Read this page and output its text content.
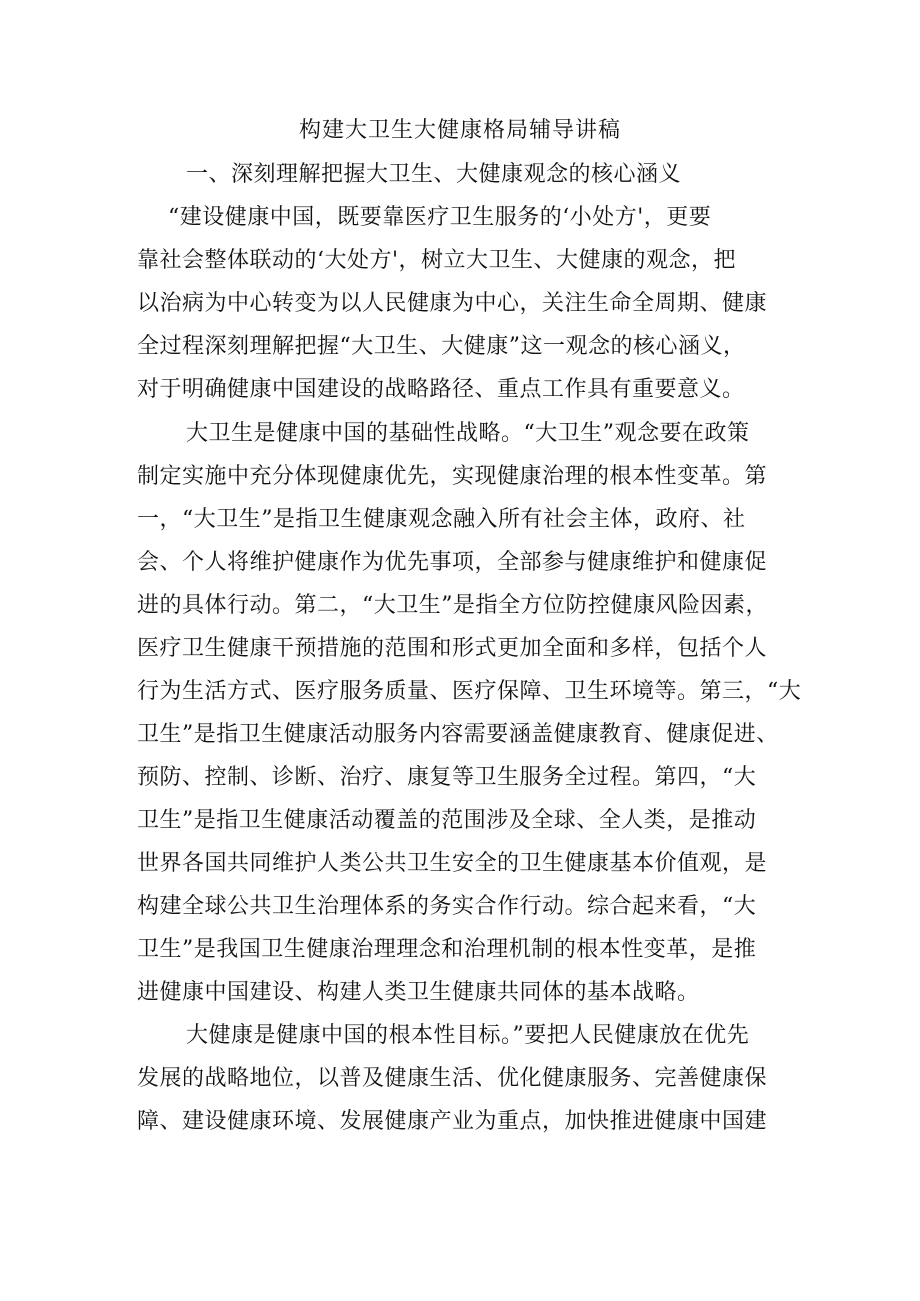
构建大卫生大健康格局辅导讲稿
一、深刻理解把握大卫生、大健康观念的核心涵义
“建设健康中国，既要靠医疗卫生服务的‘小处方'，更要
靠社会整体联动的‘大处方'，树立大卫生、大健康的观念，把
以治病为中心转变为以人民健康为中心，关注生命全周期、健康
全过程深刻理解把握“大卫生、大健康”这一观念的核心涵义，
对于明确健康中国建设的战略路径、重点工作具有重要意义。
大卫生是健康中国的基础性战略。“大卫生”观念要在政策
制定实施中充分体现健康优先，实现健康治理的根本性变革。第
一，“大卫生”是指卫生健康观念融入所有社会主体，政府、社
会、个人将维护健康作为优先事项，全部参与健康维护和健康促
进的具体行动。第二，“大卫生”是指全方位防控健康风险因素，
医疗卫生健康干预措施的范围和形式更加全面和多样，包括个人
行为生活方式、医疗服务质量、医疗保障、卫生环境等。第三，“大
卫生”是指卫生健康活动服务内容需要涵盖健康教育、健康促进、
预防、控制、诊断、治疗、康复等卫生服务全过程。第四，“大
卫生”是指卫生健康活动覆盖的范围涉及全球、全人类，是推动
世界各国共同维护人类公共卫生安全的卫生健康基本价值观，是
构建全球公共卫生治理体系的务实合作行动。综合起来看，“大
卫生”是我国卫生健康治理理念和治理机制的根本性变革，是推
进健康中国建设、构建人类卫生健康共同体的基本战略。
大健康是健康中国的根本性目标。”要把人民健康放在优先
发展的战略地位，以普及健康生活、优化健康服务、完善健康保
障、建设健康环境、发展健康产业为重点，加快推进健康中国建
